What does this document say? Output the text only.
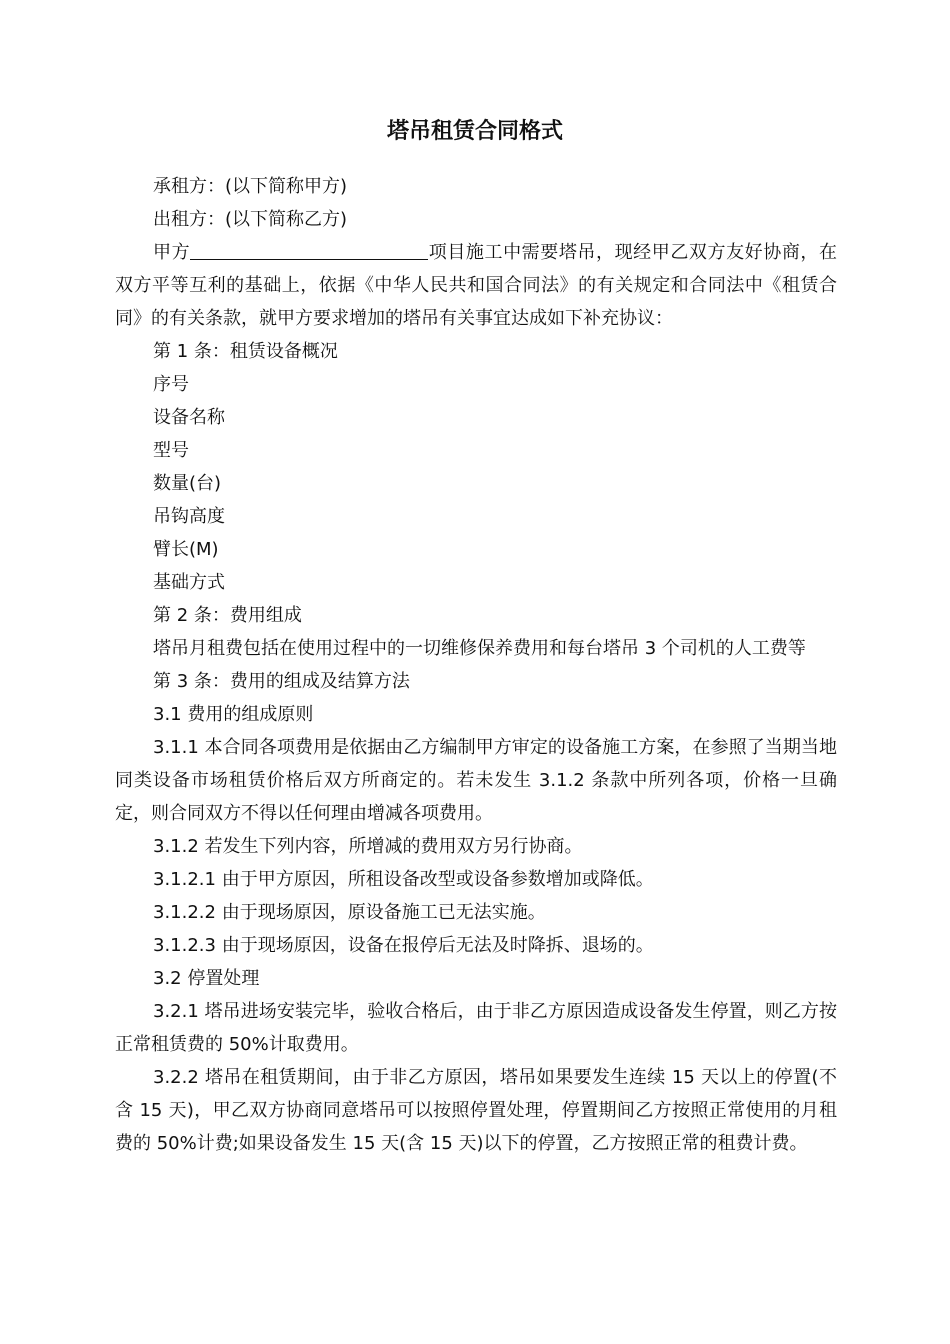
塔吊租赁合同格式

承租方：(以下简称甲方)

出租方：(以下简称乙方)

甲方	项目施工中需要塔吊，现经甲乙双方友好协商，在双方平等互利的基础上，依据《中华人民共和国合同法》的有关规定和合同法中《租赁合同》的有关条款，就甲方要求增加的塔吊有关事宜达成如下补充协议：

第 1 条：租赁设备概况

序号

设备名称

型号

数量(台)

吊钩高度

臂长(M)

基础方式

第 2 条：费用组成

塔吊月租费包括在使用过程中的一切维修保养费用和每台塔吊 3 个司机的人工费等

第 3 条：费用的组成及结算方法

3.1 费用的组成原则

3.1.1 本合同各项费用是依据由乙方编制甲方审定的设备施工方案，在参照了当期当地同类设备市场租赁价格后双方所商定的。若未发生 3.1.2 条款中所列各项，价格一旦确定，则合同双方不得以任何理由增减各项费用。

3.1.2 若发生下列内容，所增减的费用双方另行协商。

3.1.2.1 由于甲方原因，所租设备改型或设备参数增加或降低。

3.1.2.2 由于现场原因，原设备施工已无法实施。

3.1.2.3 由于现场原因，设备在报停后无法及时降拆、退场的。

3.2 停置处理

3.2.1 塔吊进场安装完毕，验收合格后，由于非乙方原因造成设备发生停置，则乙方按正常租赁费的 50%计取费用。

3.2.2 塔吊在租赁期间，由于非乙方原因，塔吊如果要发生连续 15 天以上的停置(不含 15 天)，甲乙双方协商同意塔吊可以按照停置处理，停置期间乙方按照正常使用的月租费的 50%计费;如果设备发生 15 天(含 15 天)以下的停置，乙方按照正常的租费计费。
